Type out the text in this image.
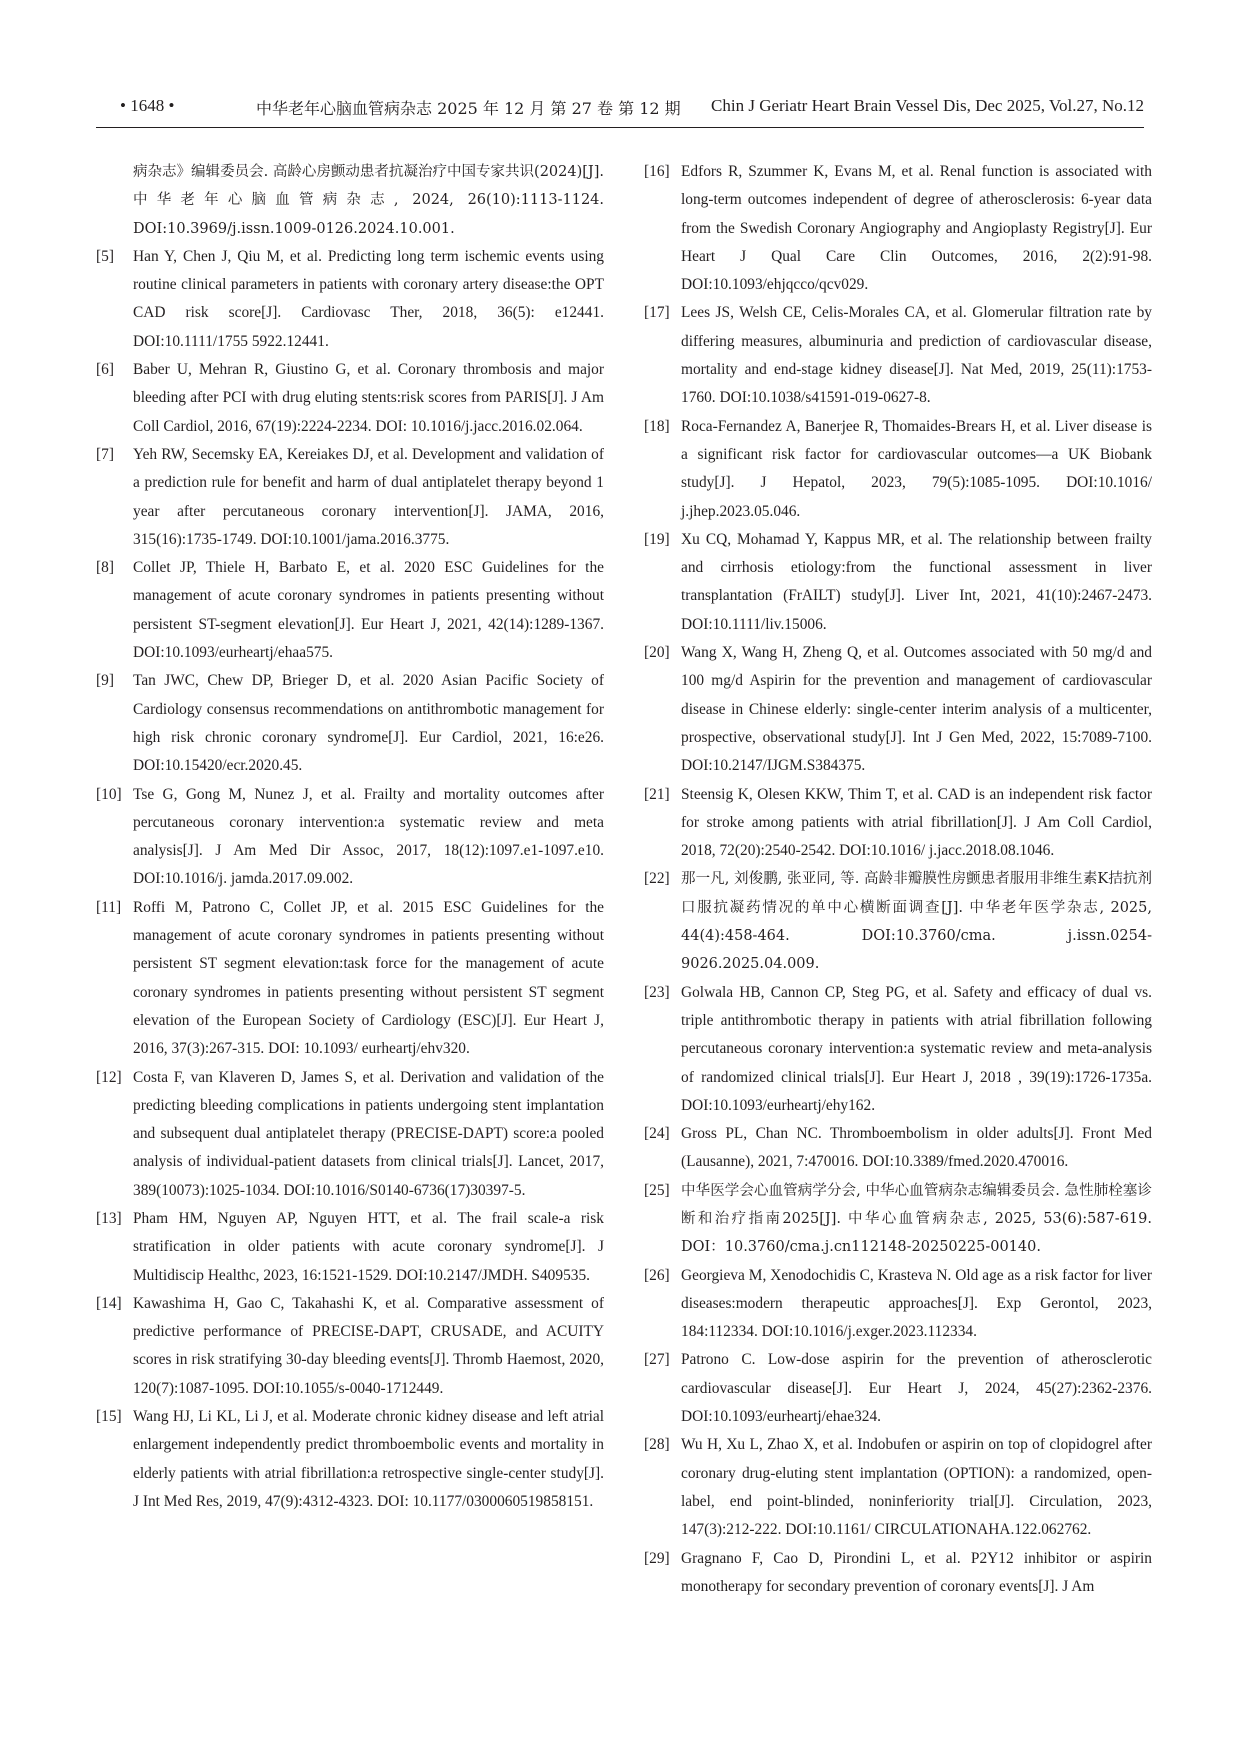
• 1648 •	中华老年心脑血管病杂志 2025 年 12 月 第 27 卷 第 12 期 Chin J Geriatr Heart Brain Vessel Dis, Dec 2025, Vol.27, No.12
病杂志》编辑委员会. 高龄心房颤动患者抗凝治疗中国专家共识(2024)[J]. 中华老年心脑血管病杂志, 2024, 26(10):1113-1124. DOI:10.3969/j.issn.1009-0126.2024.10.001.
[5] Han Y, Chen J, Qiu M, et al. Predicting long term ischemic events using routine clinical parameters in patients with coronary artery disease:the OPT CAD risk score[J]. Cardiovasc Ther, 2018, 36(5): e12441. DOI:10.1111/1755 5922.12441.
[6] Baber U, Mehran R, Giustino G, et al. Coronary thrombosis and major bleeding after PCI with drug eluting stents:risk scores from PARIS[J]. J Am Coll Cardiol, 2016, 67(19):2224-2234. DOI: 10.1016/j.jacc.2016.02.064.
[7] Yeh RW, Secemsky EA, Kereiakes DJ, et al. Development and validation of a prediction rule for benefit and harm of dual antiplatelet therapy beyond 1 year after percutaneous coronary intervention[J]. JAMA, 2016, 315(16):1735-1749. DOI:10.1001/jama.2016.3775.
[8] Collet JP, Thiele H, Barbato E, et al. 2020 ESC Guidelines for the management of acute coronary syndromes in patients presenting without persistent ST-segment elevation[J]. Eur Heart J, 2021, 42(14):1289-1367. DOI:10.1093/eurheartj/ehaa575.
[9] Tan JWC, Chew DP, Brieger D, et al. 2020 Asian Pacific Society of Cardiology consensus recommendations on antithrombotic management for high risk chronic coronary syndrome[J]. Eur Cardiol, 2021, 16:e26. DOI:10.15420/ecr.2020.45.
[10] Tse G, Gong M, Nunez J, et al. Frailty and mortality outcomes after percutaneous coronary intervention:a systematic review and meta analysis[J]. J Am Med Dir Assoc, 2017, 18(12):1097.e1-1097.e10. DOI:10.1016/j. jamda.2017.09.002.
[11] Roffi M, Patrono C, Collet JP, et al. 2015 ESC Guidelines for the management of acute coronary syndromes in patients presenting without persistent ST segment elevation:task force for the management of acute coronary syndromes in patients presenting without persistent ST segment elevation of the European Society of Cardiology (ESC)[J]. Eur Heart J, 2016, 37(3):267-315. DOI: 10.1093/ eurheartj/ehv320.
[12] Costa F, van Klaveren D, James S, et al. Derivation and validation of the predicting bleeding complications in patients undergoing stent implantation and subsequent dual antiplatelet therapy (PRECISE-DAPT) score:a pooled analysis of individual-patient datasets from clinical trials[J]. Lancet, 2017, 389(10073):1025-1034. DOI:10.1016/S0140-6736(17)30397-5.
[13] Pham HM, Nguyen AP, Nguyen HTT, et al. The frail scale-a risk stratification in older patients with acute coronary syndrome[J]. J Multidiscip Healthc, 2023, 16:1521-1529. DOI:10.2147/JMDH. S409535.
[14] Kawashima H, Gao C, Takahashi K, et al. Comparative assessment of predictive performance of PRECISE-DAPT, CRUSADE, and ACUITY scores in risk stratifying 30-day bleeding events[J]. Thromb Haemost, 2020, 120(7):1087-1095. DOI:10.1055/s-0040-1712449.
[15] Wang HJ, Li KL, Li J, et al. Moderate chronic kidney disease and left atrial enlargement independently predict thromboembolic events and mortality in elderly patients with atrial fibrillation:a retrospective single-center study[J]. J Int Med Res, 2019, 47(9):4312-4323. DOI: 10.1177/0300060519858151.
[16] Edfors R, Szummer K, Evans M, et al. Renal function is associated with long-term outcomes independent of degree of atherosclerosis: 6-year data from the Swedish Coronary Angiography and Angioplasty Registry[J]. Eur Heart J Qual Care Clin Outcomes, 2016, 2(2):91-98. DOI:10.1093/ehjqcco/qcv029.
[17] Lees JS, Welsh CE, Celis-Morales CA, et al. Glomerular filtration rate by differing measures, albuminuria and prediction of cardiovascular disease, mortality and end-stage kidney disease[J]. Nat Med, 2019, 25(11):1753-1760. DOI:10.1038/s41591-019-0627-8.
[18] Roca-Fernandez A, Banerjee R, Thomaides-Brears H, et al. Liver disease is a significant risk factor for cardiovascular outcomes—a UK Biobank study[J]. J Hepatol, 2023, 79(5):1085-1095. DOI:10.1016/ j.jhep.2023.05.046.
[19] Xu CQ, Mohamad Y, Kappus MR, et al. The relationship between frailty and cirrhosis etiology:from the functional assessment in liver transplantation (FrAILT) study[J]. Liver Int, 2021, 41(10):2467-2473. DOI:10.1111/liv.15006.
[20] Wang X, Wang H, Zheng Q, et al. Outcomes associated with 50 mg/d and 100 mg/d Aspirin for the prevention and management of cardiovascular disease in Chinese elderly: single-center interim analysis of a multicenter, prospective, observational study[J]. Int J Gen Med, 2022, 15:7089-7100. DOI:10.2147/IJGM.S384375.
[21] Steensig K, Olesen KKW, Thim T, et al. CAD is an independent risk factor for stroke among patients with atrial fibrillation[J]. J Am Coll Cardiol, 2018, 72(20):2540-2542. DOI:10.1016/ j.jacc.2018.08.1046.
[22] 那一凡, 刘俊鹏, 张亚同, 等. 高龄非瓣膜性房颤患者服用非维生素K拮抗剂口服抗凝药情况的单中心横断面调查[J]. 中华老年医学杂志, 2025, 44(4):458-464. DOI:10.3760/cma. j.issn.0254-9026.2025.04.009.
[23] Golwala HB, Cannon CP, Steg PG, et al. Safety and efficacy of dual vs. triple antithrombotic therapy in patients with atrial fibrillation following percutaneous coronary intervention:a systematic review and meta-analysis of randomized clinical trials[J]. Eur Heart J, 2018 , 39(19):1726-1735a. DOI:10.1093/eurheartj/ehy162.
[24] Gross PL, Chan NC. Thromboembolism in older adults[J]. Front Med (Lausanne), 2021, 7:470016. DOI:10.3389/fmed.2020.470016.
[25] 中华医学会心血管病学分会, 中华心血管病杂志编辑委员会. 急性肺栓塞诊断和治疗指南2025[J]. 中华心血管病杂志, 2025, 53(6):587-619. DOI：10.3760/cma.j.cn112148-20250225-00140.
[26] Georgieva M, Xenodochidis C, Krasteva N. Old age as a risk factor for liver diseases:modern therapeutic approaches[J]. Exp Gerontol, 2023, 184:112334. DOI:10.1016/j.exger.2023.112334.
[27] Patrono C. Low-dose aspirin for the prevention of atherosclerotic cardiovascular disease[J]. Eur Heart J, 2024, 45(27):2362-2376. DOI:10.1093/eurheartj/ehae324.
[28] Wu H, Xu L, Zhao X, et al. Indobufen or aspirin on top of clopidogrel after coronary drug-eluting stent implantation (OPTION): a randomized, open-label, end point-blinded, noninferiority trial[J]. Circulation, 2023, 147(3):212-222. DOI:10.1161/ CIRCULATIONAHA.122.062762.
[29] Gragnano F, Cao D, Pirondini L, et al. P2Y12 inhibitor or aspirin monotherapy for secondary prevention of coronary events[J]. J Am
